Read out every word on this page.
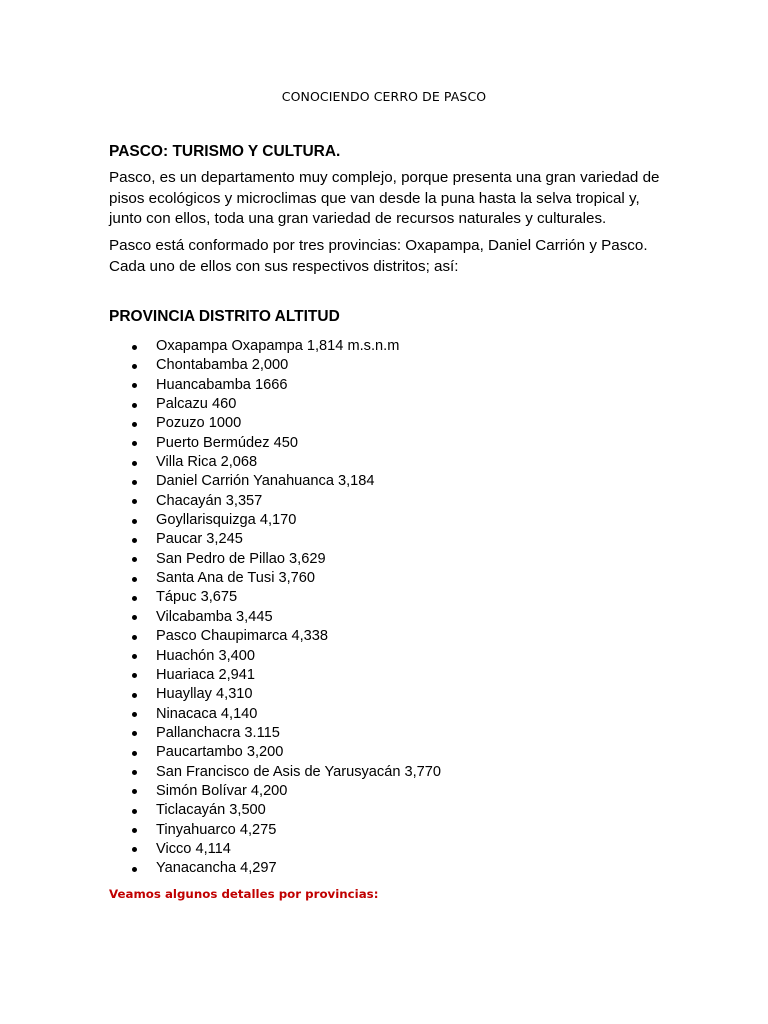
CONOCIENDO CERRO DE PASCO
PASCO: TURISMO Y CULTURA.

Pasco, es un departamento muy complejo, porque presenta una gran variedad de pisos ecológicos y microclimas que van desde la puna hasta la selva tropical y, junto con ellos, toda una gran variedad de recursos naturales y culturales.

Pasco está conformado por tres provincias: Oxapampa, Daniel Carrión y Pasco. Cada uno de ellos con sus respectivos distritos; así:

PROVINCIA DISTRITO ALTITUD
Oxapampa Oxapampa 1,814 m.s.n.m
Chontabamba 2,000
Huancabamba 1666
Palcazu 460
Pozuzo 1000
Puerto Bermúdez 450
Villa Rica 2,068
Daniel Carrión Yanahuanca 3,184
Chacayán 3,357
Goyllarisquizga 4,170
Paucar 3,245
San Pedro de Pillao 3,629
Santa Ana de Tusi 3,760
Tápuc 3,675
Vilcabamba 3,445
Pasco Chaupimarca 4,338
Huachón 3,400
Huariaca 2,941
Huayllay 4,310
Ninacaca 4,140
Pallanchacra 3.115
Paucartambo 3,200
San Francisco de Asis de Yarusyacán 3,770
Simón Bolívar 4,200
Ticlacayán 3,500
Tinyahuarco 4,275
Vicco 4,114
Yanacancha 4,297
Veamos algunos detalles por provincias:
